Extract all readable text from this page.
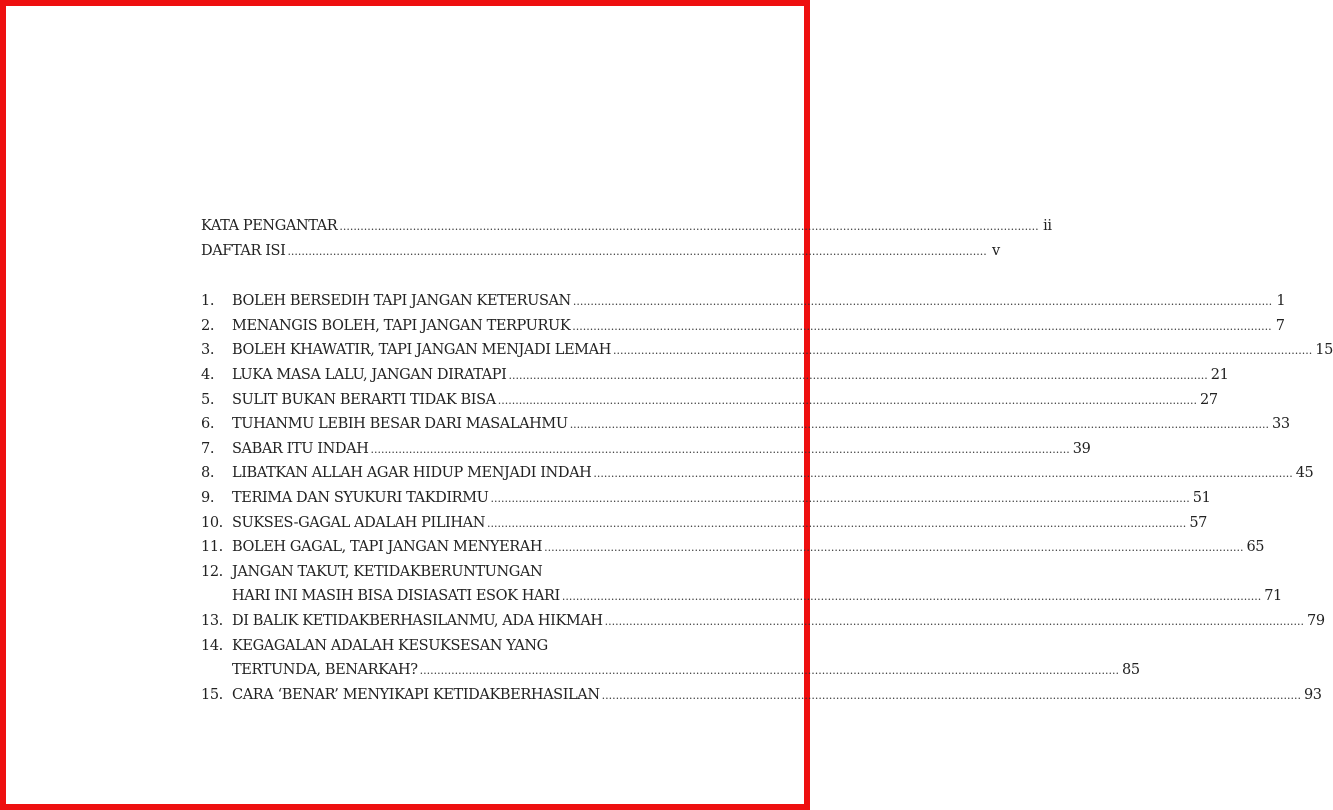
KATA PENGANTAR .....	ii
DAFTAR ISI .....	v
1.	BOLEH BERSEDIH TAPI JANGAN KETERUSAN .....	1
2.	MENANGIS BOLEH, TAPI JANGAN TERPURUK .....	7
3.	BOLEH KHAWATIR, TAPI JANGAN MENJADI LEMAH .....	15
4.	LUKA MASA LALU, JANGAN DIRATAPI .....	21
5.	SULIT BUKAN BERARTI TIDAK BISA .....	27
6.	TUHANMU LEBIH BESAR DARI MASALAHMU .....	33
7.	SABAR ITU INDAH .....	39
8.	LIBATKAN ALLAH AGAR HIDUP MENJADI INDAH .....	45
9.	TERIMA DAN SYUKURI TAKDIRMU .....	51
10. SUKSES-GAGAL ADALAH PILIHAN .....	57
11. BOLEH GAGAL, TAPI JANGAN MENYERAH .....	65
12. JANGAN TAKUT, KETIDAKBERUNTUNGAN
HARI INI MASIH BISA DISIASATI ESOK HARI .....	71
13. DI BALIK KETIDAKBERHASILANMU, ADA HIKMAH .....	79
14. KEGAGALAN ADALAH KESUKSESAN YANG
TERTUNDA, BENARKAH? .....	85
15. CARA ‘BENAR’ MENYIKAPI KETIDAKBERHASILAN .....	93
